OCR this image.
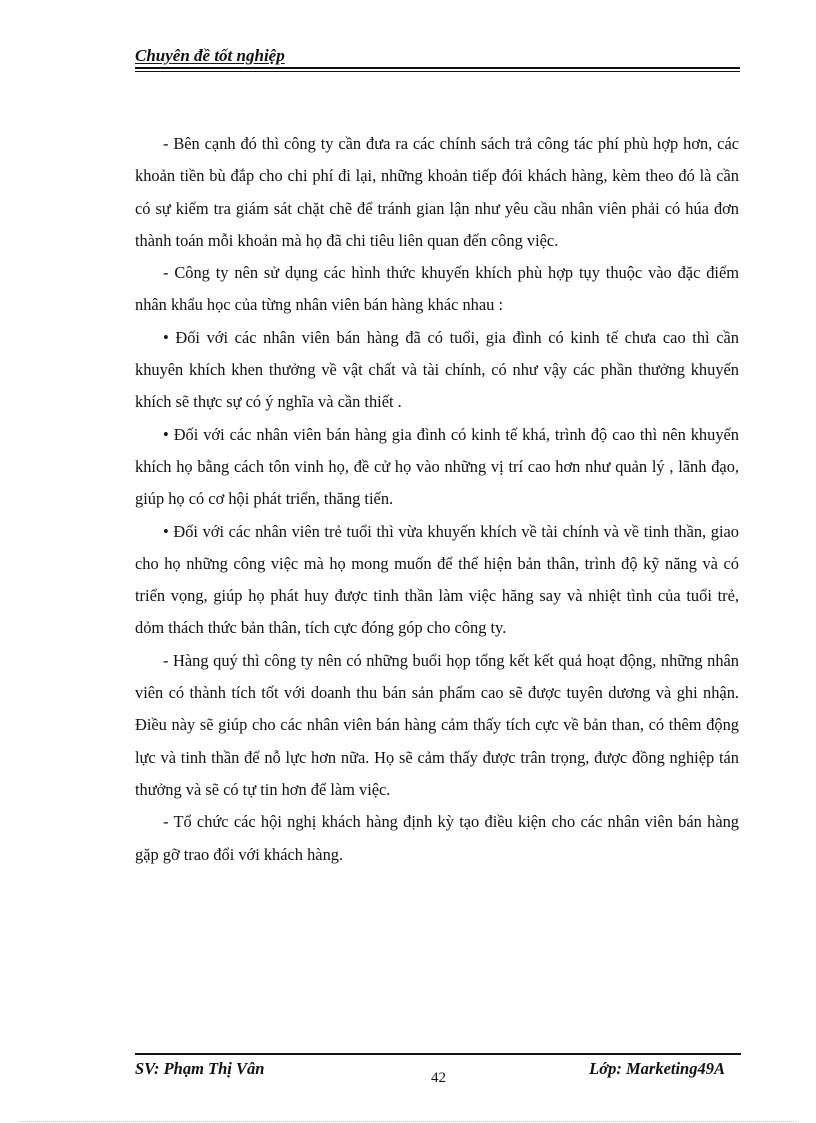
Chuyên đề tốt nghiệp

- Bên cạnh đó thì công ty cần đưa ra các chính sách trả công tác phí phù hợp hơn, các khoản tiền bù đắp cho chi phí đi lại, những khoản tiếp đói khách hàng, kèm theo đó là cần có sự kiểm tra giám sát chặt chẽ để tránh gian lận như yêu cầu nhân viên phải có húa đơn thành toán mỗi khoản mà họ đã chi tiêu liên quan đến công việc.

- Công ty nên sử dụng các hình thức khuyến khích phù hợp tụy thuộc vào đặc điểm nhân khẩu học của từng nhân viên bán hàng khác nhau :

• Đối với các nhân viên bán hàng đã có tuổi, gia đình có kinh tế chưa cao thì cần khuyên khích khen thưởng về vật chất và tài chính, có như vậy các phần thưởng khuyến khích sẽ thực sự có ý nghĩa và cần thiết .

• Đối với các nhân viên bán hàng gia đình có kinh tế khá, trình độ cao thì nên khuyến khích họ bằng cách tôn vinh họ, đề cử họ vào những vị trí cao hơn như quản lý , lãnh đạo, giúp họ có cơ hội phát triển, thăng tiến.

• Đối với các nhân viên trẻ tuổi thì vừa khuyến khích về tài chính và về tinh thần, giao cho họ những công việc mà họ mong muốn để thể hiện bản thân, trình độ kỹ năng và có triển vọng, giúp họ phát huy được tinh thần làm việc hăng say và nhiệt tình của tuổi trẻ, dỏm thách thức bản thân, tích cực đóng góp cho công ty.

- Hàng quý thì công ty nên có những buổi họp tổng kết kết quả hoạt động, những nhân viên có thành tích tốt với doanh thu bán sản phẩm cao sẽ được tuyên dương và ghi nhận. Điều này sẽ giúp cho các nhân viên bán hàng cảm thấy tích cực về bản than, có thêm động lực và tinh thần để nỗ lực hơn nữa. Họ sẽ cảm thấy được trân trọng, được đồng nghiệp tán thưởng và sẽ có tự tin hơn để làm việc.

- Tổ chức các hội nghị khách hàng định kỳ tạo điều kiện cho các nhân viên bán hàng gặp gỡ trao đổi với khách hàng.

SV: Phạm Thị Vân	42	Lớp: Marketing49A
